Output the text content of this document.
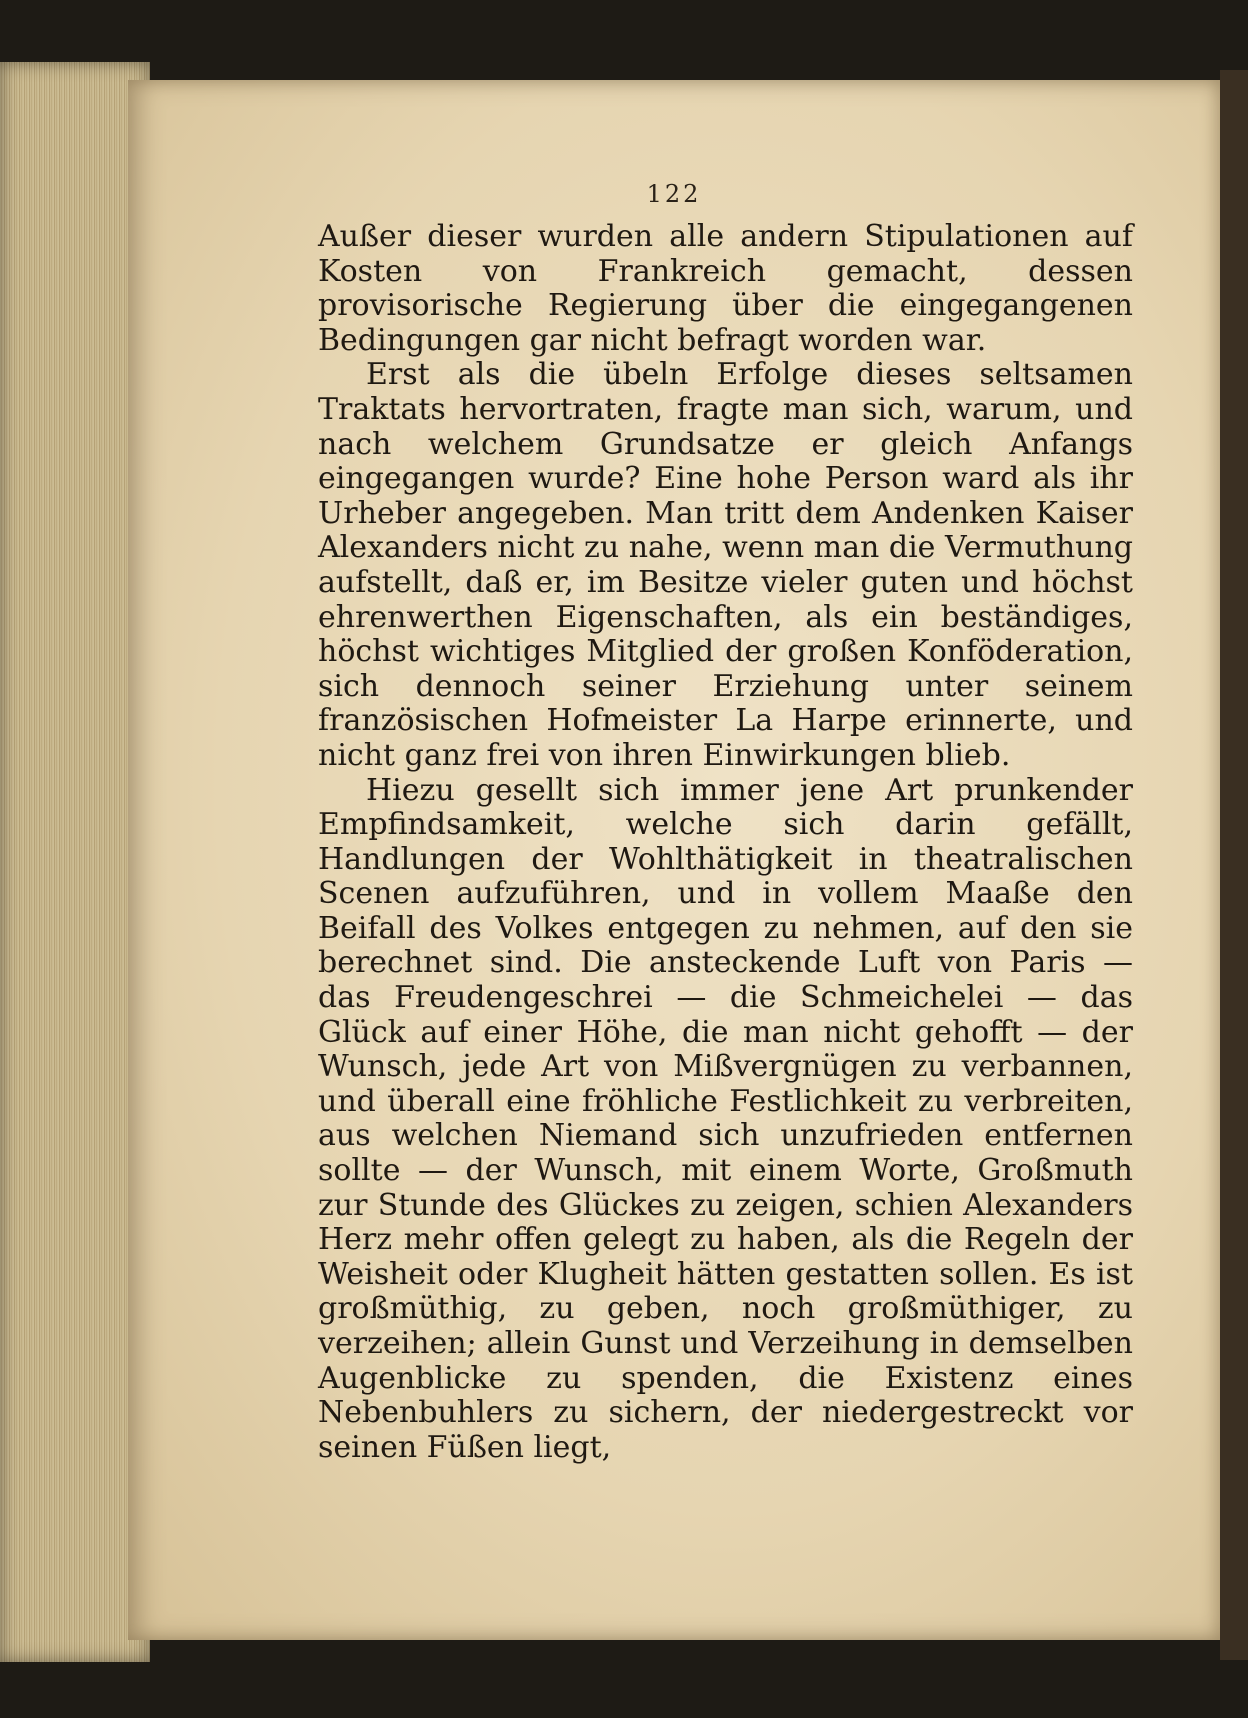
122

Außer dieser wurden alle andern Stipulationen auf Kosten von Frankreich gemacht, dessen provisorische Regierung über die eingegangenen Bedingungen gar nicht befragt worden war.

Erst als die übeln Erfolge dieses seltsamen Traktats hervortraten, fragte man sich, warum, und nach welchem Grundsatze er gleich Anfangs eingegangen wurde? Eine hohe Person ward als ihr Urheber angegeben. Man tritt dem Andenken Kaiser Alexanders nicht zu nahe, wenn man die Vermuthung aufstellt, daß er, im Besitze vieler guten und höchst ehrenwerthen Eigenschaften, als ein beständiges, höchst wichtiges Mitglied der großen Konföderation, sich dennoch seiner Erziehung unter seinem französischen Hofmeister La Harpe erinnerte, und nicht ganz frei von ihren Einwirkungen blieb.

Hiezu gesellt sich immer jene Art prunkender Empfindsamkeit, welche sich darin gefällt, Handlungen der Wohlthätigkeit in theatralischen Scenen aufzuführen, und in vollem Maaße den Beifall des Volkes entgegen zu nehmen, auf den sie berechnet sind. Die ansteckende Luft von Paris — das Freudengeschrei — die Schmeichelei — das Glück auf einer Höhe, die man nicht gehofft — der Wunsch, jede Art von Mißvergnügen zu verbannen, und überall eine fröhliche Festlichkeit zu verbreiten, aus welchen Niemand sich unzufrieden entfernen sollte — der Wunsch, mit einem Worte, Großmuth zur Stunde des Glückes zu zeigen, schien Alexanders Herz mehr offen gelegt zu haben, als die Regeln der Weisheit oder Klugheit hätten gestatten sollen. Es ist großmüthig, zu geben, noch großmüthiger, zu verzeihen; allein Gunst und Verzeihung in demselben Augenblicke zu spenden, die Existenz eines Nebenbuhlers zu sichern, der niedergestreckt vor seinen Füßen liegt,
